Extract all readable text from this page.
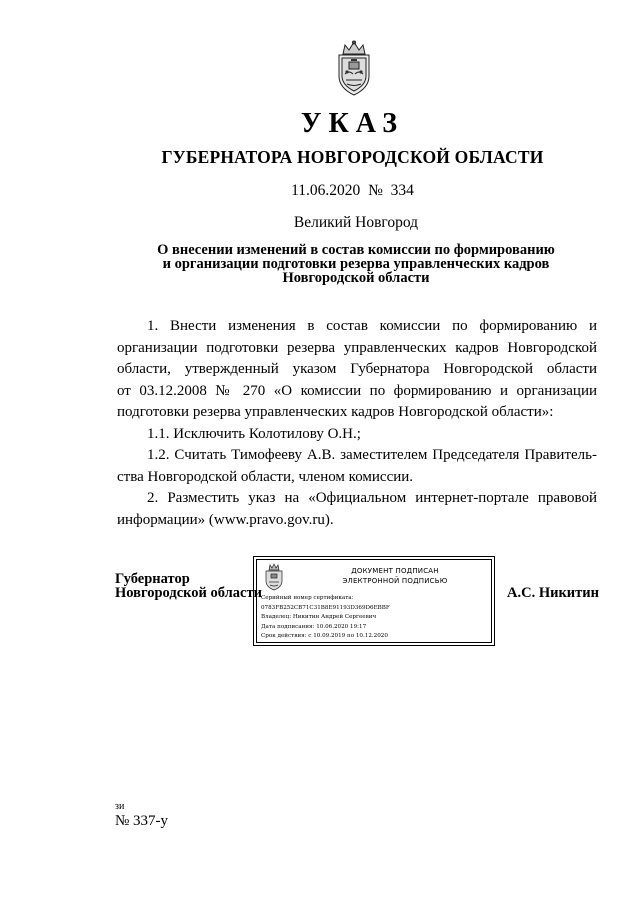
УКАЗ
ГУБЕРНАТОРА НОВГОРОДСКОЙ ОБЛАСТИ
11.06.2020 № 334
Великий Новгород
О внесении изменений в состав комиссии по формированию
и организации подготовки резерва управленческих кадров
Новгородской области
1. Внести изменения в состав комиссии по формированию и
организации подготовки резерва управленческих кадров Новгородской
области, утвержденный указом Губернатора Новгородской области
от 03.12.2008 № 270 «О комиссии по формированию и организации
подготовки резерва управленческих кадров Новгородской области»:
1.1. Исключить Колотилову О.Н.;
1.2. Считать Тимофееву А.В. заместителем Председателя Правитель-
ства Новгородской области, членом комиссии.
2. Разместить указ на «Официальном интернет-портале правовой
информации» (www.pravo.gov.ru).
Губернатор
Новгородской области
ДОКУМЕНТ ПОДПИСАН
ЭЛЕКТРОННОЙ ПОДПИСЬЮ
Серийный номер сертификата:
0783FB252CB71C31B8E91193D369D6EBBF
Владелец: Никитин Андрей Сергеевич
Дата подписания: 10.06.2020 19:17
Срок действия: с 10.09.2019 по 10.12.2020
А.С. Никитин
зи
№ 337-у
